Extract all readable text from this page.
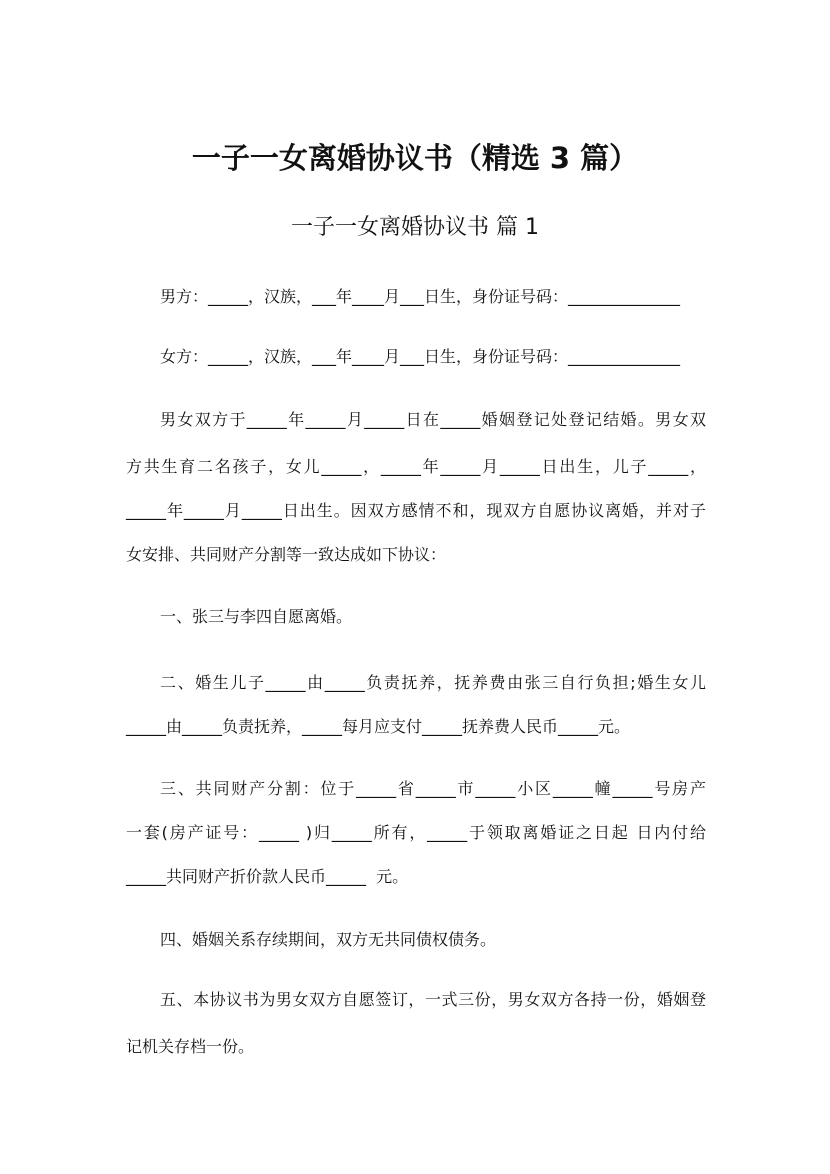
一子一女离婚协议书（精选 3 篇）
一子一女离婚协议书 篇 1
男方：_____，汉族，___年____月___日生，身份证号码：______________
女方：_____，汉族，___年____月___日生，身份证号码：______________
男女双方于_____年_____月_____日在_____婚姻登记处登记结婚。男女双
方共生育二名孩子，女儿_____，_____年_____月_____日出生，儿子_____，
_____年_____月_____日出生。因双方感情不和，现双方自愿协议离婚，并对子
女安排、共同财产分割等一致达成如下协议：
一、张三与李四自愿离婚。
二、婚生儿子_____由_____负责抚养，抚养费由张三自行负担;婚生女儿
_____由_____负责抚养，_____每月应支付_____抚养费人民币_____元。
三、共同财产分割：位于_____省_____市_____小区_____幢_____号房产
一套(房产证号：_____ )归_____所有，_____于领取离婚证之日起 日内付给
_____共同财产折价款人民币_____  元。
四、婚姻关系存续期间，双方无共同债权债务。
五、本协议书为男女双方自愿签订，一式三份，男女双方各持一份，婚姻登
记机关存档一份。
